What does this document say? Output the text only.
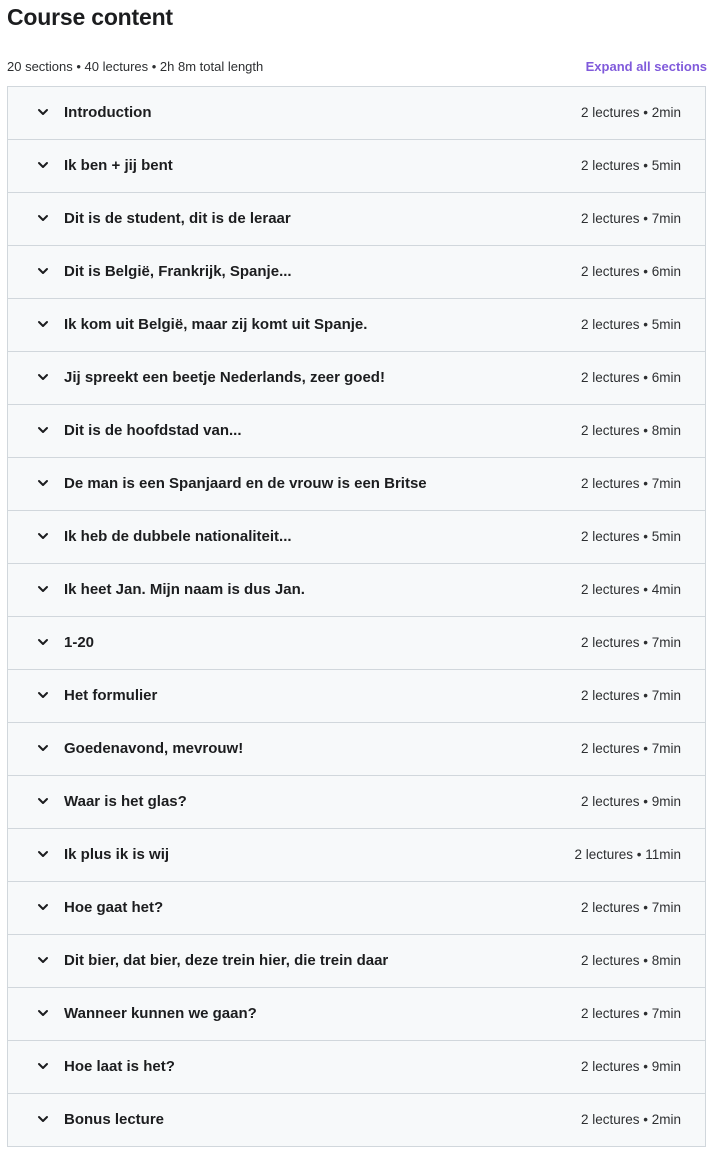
Course content
20 sections • 40 lectures • 2h 8m total length	Expand all sections
Introduction	2 lectures • 2min
Ik ben + jij bent	2 lectures • 5min
Dit is de student, dit is de leraar	2 lectures • 7min
Dit is België, Frankrijk, Spanje...	2 lectures • 6min
Ik kom uit België, maar zij komt uit Spanje.	2 lectures • 5min
Jij spreekt een beetje Nederlands, zeer goed!	2 lectures • 6min
Dit is de hoofdstad van...	2 lectures • 8min
De man is een Spanjaard en de vrouw is een Britse	2 lectures • 7min
Ik heb de dubbele nationaliteit...	2 lectures • 5min
Ik heet Jan. Mijn naam is dus Jan.	2 lectures • 4min
1-20	2 lectures • 7min
Het formulier	2 lectures • 7min
Goedenavond, mevrouw!	2 lectures • 7min
Waar is het glas?	2 lectures • 9min
Ik plus ik is wij	2 lectures • 11min
Hoe gaat het?	2 lectures • 7min
Dit bier, dat bier, deze trein hier, die trein daar	2 lectures • 8min
Wanneer kunnen we gaan?	2 lectures • 7min
Hoe laat is het?	2 lectures • 9min
Bonus lecture	2 lectures • 2min
